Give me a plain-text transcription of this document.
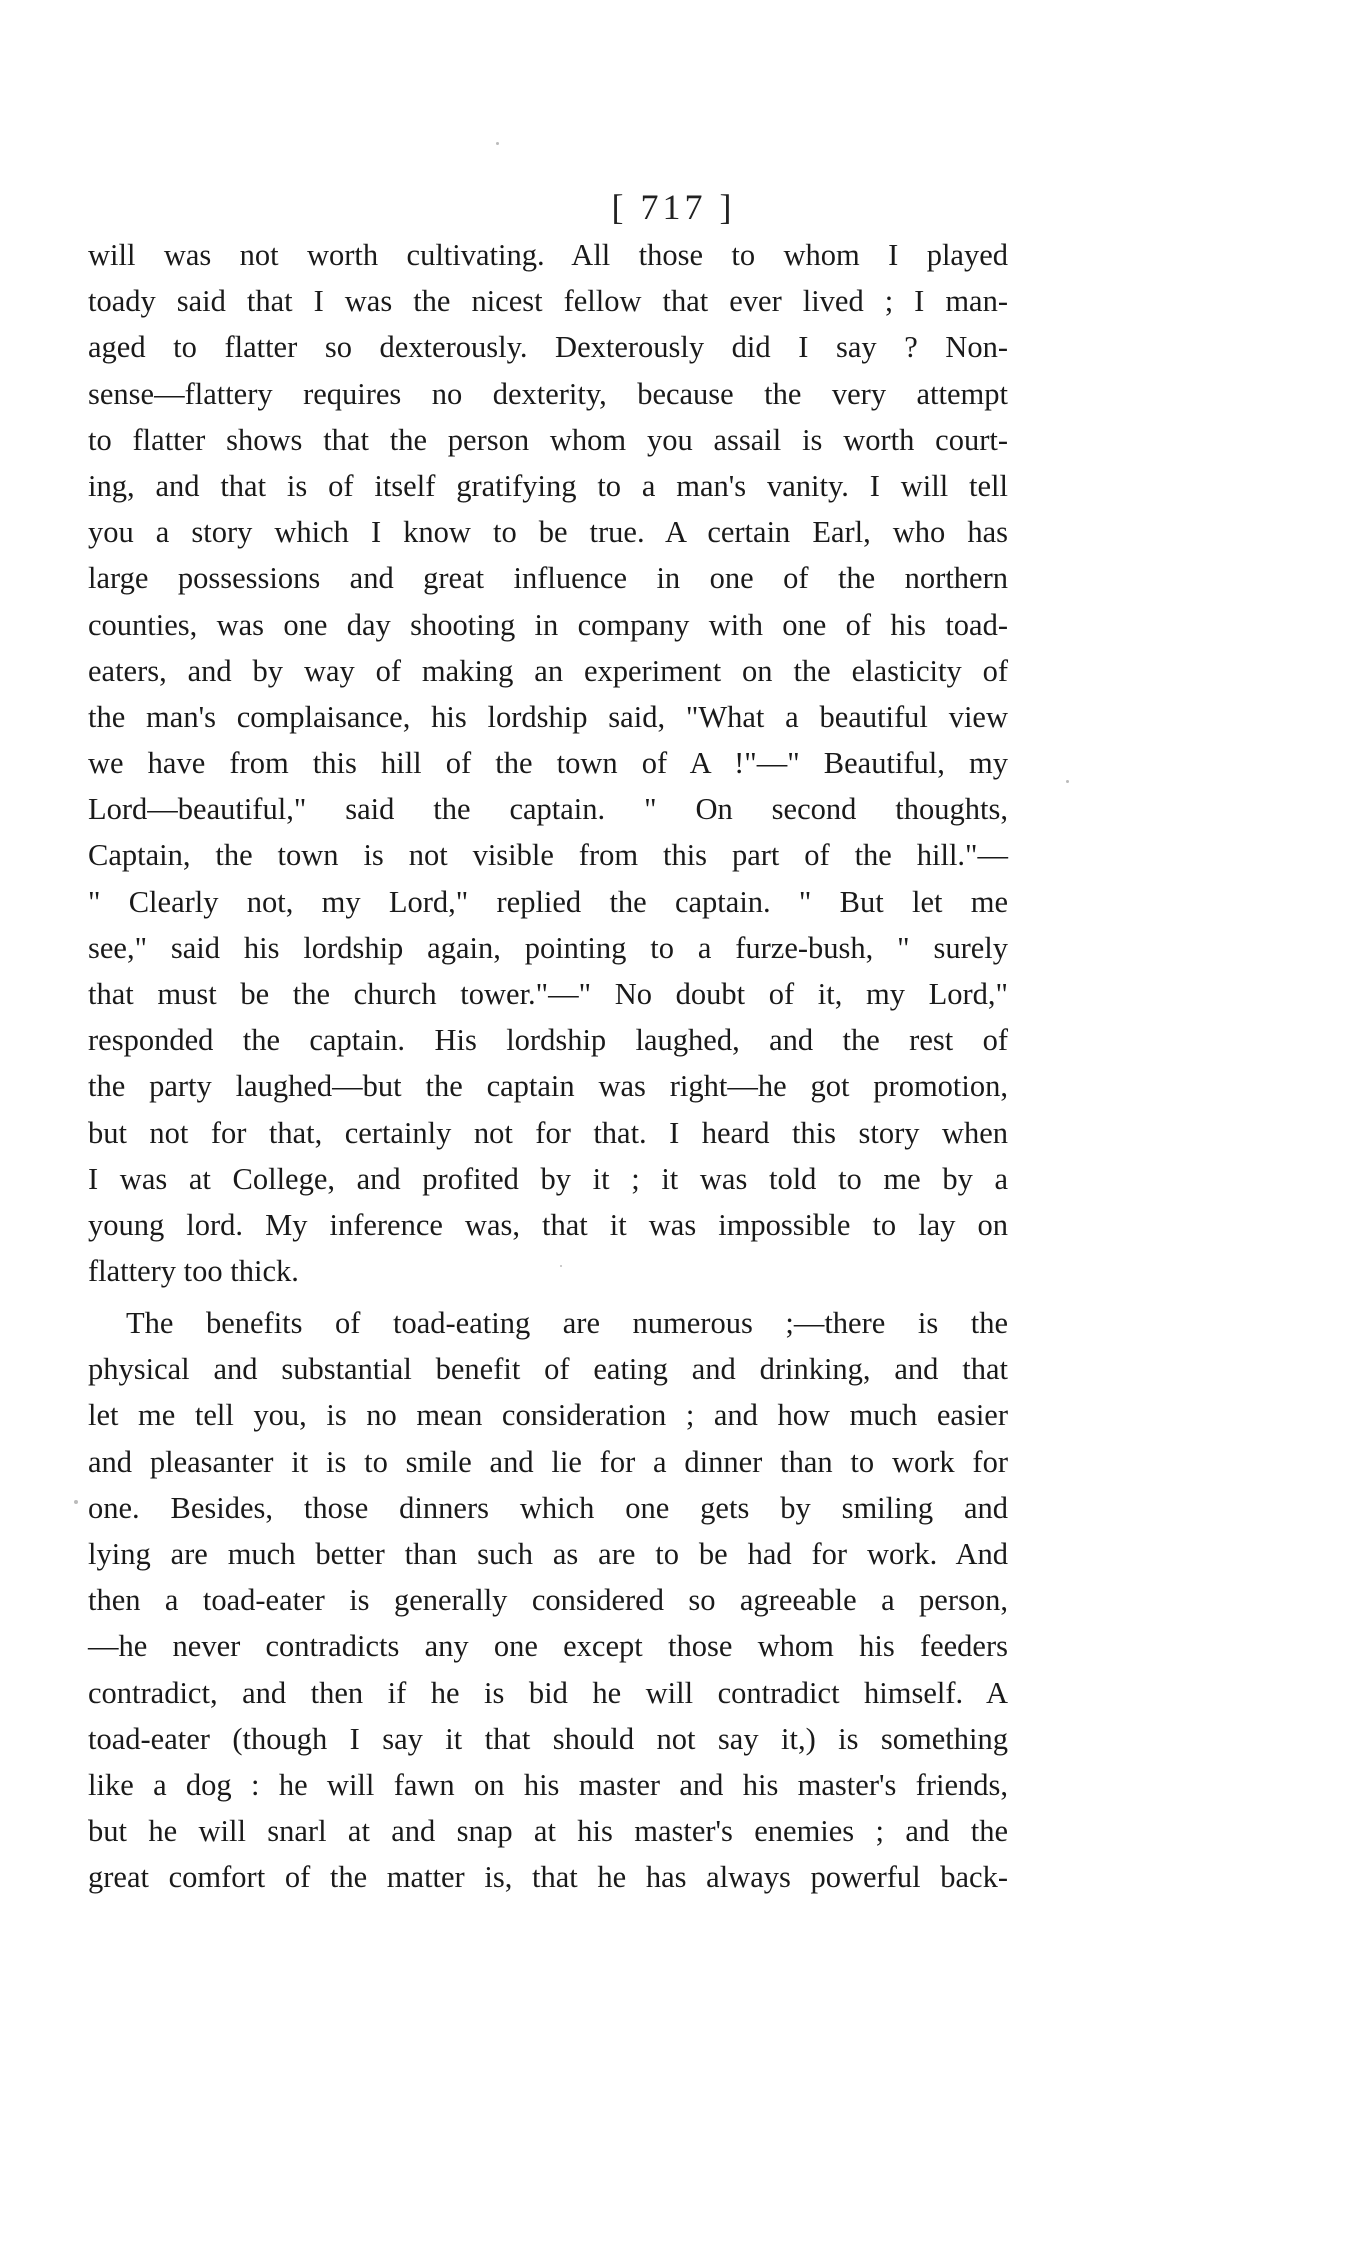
[ 717 ]
will was not worth cultivating. All those to whom I played
toady said that I was the nicest fellow that ever lived ; I man-
aged to flatter so dexterously. Dexterously did I say ? Non-
sense—flattery requires no dexterity, because the very attempt
to flatter shows that the person whom you assail is worth court-
ing, and that is of itself gratifying to a man's vanity. I will tell
you a story which I know to be true. A certain Earl, who has
large possessions and great influence in one of the northern
counties, was one day shooting in company with one of his toad-
eaters, and by way of making an experiment on the elasticity of
the man's complaisance, his lordship said, "What a beautiful view
we have from this hill of the town of A !"—" Beautiful, my
Lord—beautiful," said the captain. " On second thoughts,
Captain, the town is not visible from this part of the hill."—
" Clearly not, my Lord," replied the captain. " But let me
see," said his lordship again, pointing to a furze-bush, " surely
that must be the church tower."—" No doubt of it, my Lord,"
responded the captain. His lordship laughed, and the rest of
the party laughed—but the captain was right—he got promotion,
but not for that, certainly not for that. I heard this story when
I was at College, and profited by it ; it was told to me by a
young lord. My inference was, that it was impossible to lay on
flattery too thick.
The benefits of toad-eating are numerous ;—there is the
physical and substantial benefit of eating and drinking, and that
let me tell you, is no mean consideration ; and how much easier
and pleasanter it is to smile and lie for a dinner than to work for
one. Besides, those dinners which one gets by smiling and
lying are much better than such as are to be had for work. And
then a toad-eater is generally considered so agreeable a person,
—he never contradicts any one except those whom his feeders
contradict, and then if he is bid he will contradict himself. A
toad-eater (though I say it that should not say it,) is something
like a dog : he will fawn on his master and his master's friends,
but he will snarl at and snap at his master's enemies ; and the
great comfort of the matter is, that he has always powerful back-
